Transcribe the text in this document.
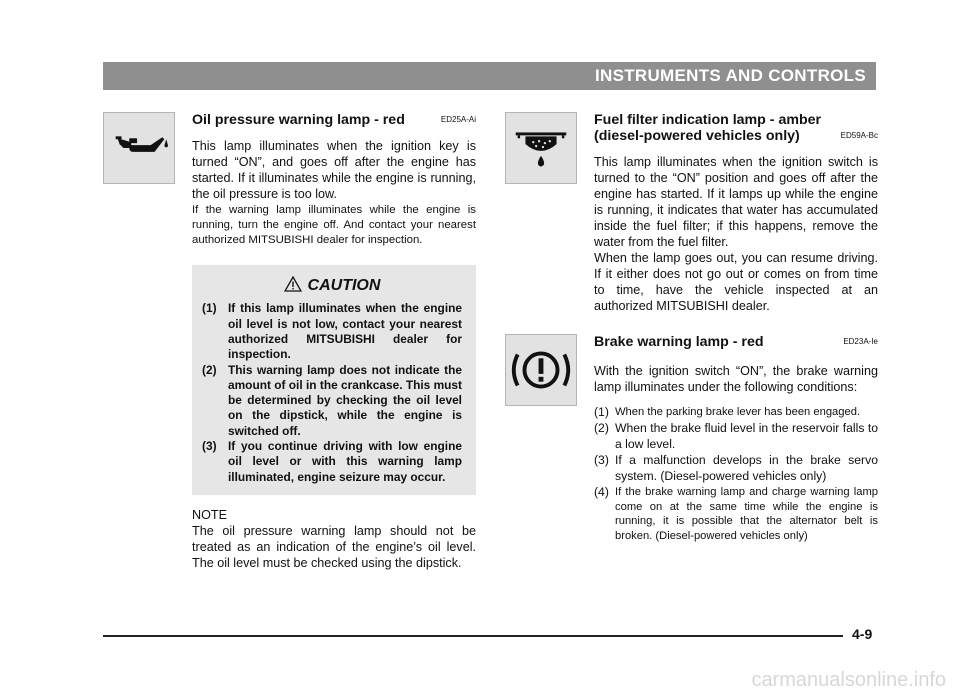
INSTRUMENTS AND CONTROLS
Oil pressure warning lamp - red	ED25A-Ai

This lamp illuminates when the ignition key is turned “ON”, and goes off after the engine has started. If it illuminates while the engine is running, the oil pressure is too low.

If the warning lamp illuminates while the engine is running, turn the engine off. And contact your nearest authorized MITSUBISHI dealer for inspection.

CAUTION
(1) If this lamp illuminates when the engine oil level is not low, contact your nearest authorized MITSUBISHI dealer for inspection.
(2) This warning lamp does not indicate the amount of oil in the crankcase. This must be determined by checking the oil level on the dipstick, while the engine is switched off.
(3) If you continue driving with low engine oil level or with this warning lamp illuminated, engine seizure may occur.

NOTE

The oil pressure warning lamp should not be treated as an indication of the engine’s oil level. The oil level must be checked using the dipstick.

Fuel filter indication lamp - amber
(diesel-powered vehicles only)	ED59A-Bc

This lamp illuminates when the ignition switch is turned to the “ON” position and goes off after the engine has started. If it lamps up while the engine is running, it indicates that water has accumulated inside the fuel filter; if this happens, remove the water from the fuel filter.

When the lamp goes out, you can resume driving. If it either does not go out or comes on from time to time, have the vehicle inspected at an authorized MITSUBISHI dealer.

Brake warning lamp - red	ED23A-Ie

With the ignition switch “ON”, the brake warning lamp illuminates under the following conditions:

(1) When the parking brake lever has been engaged.
(2) When the brake fluid level in the reservoir falls to a low level.
(3) If a malfunction develops in the brake servo system. (Diesel-powered vehicles only)
(4) If the brake warning lamp and charge warning lamp come on at the same time while the engine is running, it is possible that the alternator belt is broken. (Diesel-powered vehicles only)
4-9
carmanualsonline.info
